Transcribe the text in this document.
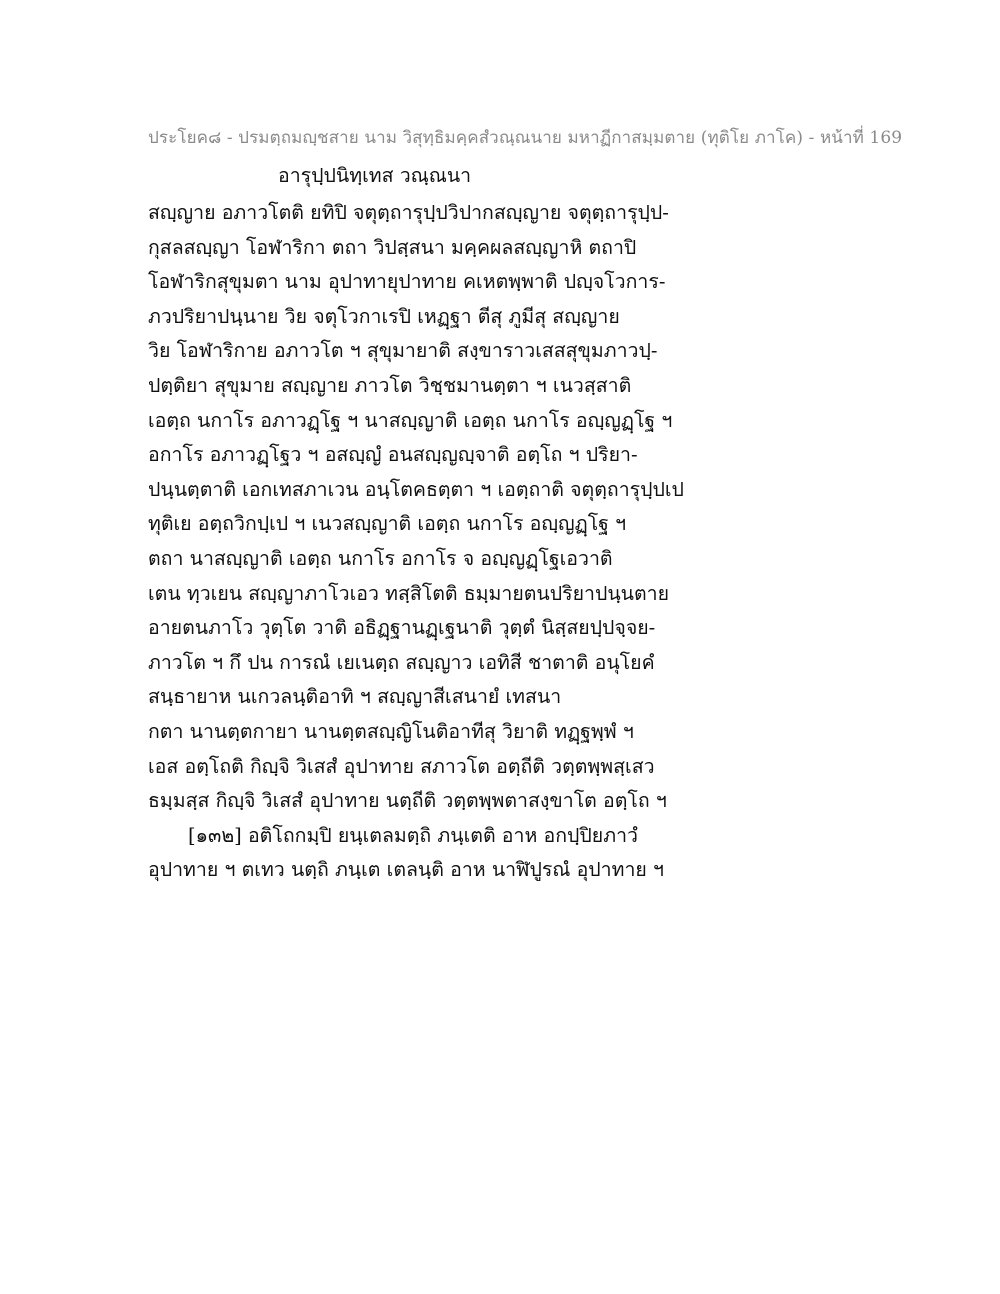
ประโยค๘ - ปรมตฺถมญฺชสาย นาม วิสุทฺธิมคฺคสํวณฺณนาย มหาฏีกาสมฺมตาย (ทุติโย ภาโค) - หน้าที่ 169
อารุปฺปนิทฺเทส วณฺณนา
สญฺญาย อภาวโตติ ยทิปิ จตุตฺถารุปฺปวิปากสญฺญาย จตุตฺถารุปฺป-
กุสลสญฺญา โอฬาริกา ตถา วิปสฺสนา มคฺคผลสญฺญาหิ ตถาปิ
โอฬาริกสุขุมตา นาม อุปาทายุปาทาย คเหตพฺพาติ ปญฺจโวการ-
ภวปริยาปนฺนาย วิย จตุโวกาเรปิ เหฏฺฐา ตีสุ ภูมีสุ สญฺญาย
วิย โอฬาริกาย อภาวโต ฯ สุขุมายาติ สงฺขาราวเสสสุขุมภาวปฺ-
ปตฺติยา สุขุมาย สญฺญาย ภาวโต วิชฺชมานตฺตา ฯ เนวสฺสาติ
เอตฺถ นกาโร อภาวฏฺโฐ ฯ นาสญฺญาติ เอตฺถ นกาโร อญฺญฏฺโฐ ฯ
อกาโร อภาวฏฺโฐว ฯ อสญฺญํ อนสญฺญญฺจาติ อตฺโถ ฯ ปริยา-
ปนฺนตฺตาติ เอกเทสภาเวน อนฺโตคธตฺตา ฯ เอตฺถาติ จตุตฺถารุปฺปเป
ทุติเย อตฺถวิกปฺเป ฯ เนวสญฺญาติ เอตฺถ นกาโร อญฺญฏฺโฐ ฯ
ตถา นาสญฺญาติ เอตฺถ นกาโร อกาโร จ อญฺญฏฺโฐเอวาติ
เตน ทฺวเยน สญฺญาภาโวเอว ทสฺสิโตติ ธมฺมายตนปริยาปนฺนตาย
อายตนภาโว วุตฺโต วาติ อธิฏฺฐานฏฺเฐนาติ วุตฺตํ นิสฺสยปฺปจฺจย-
ภาวโต ฯ กึ ปน การณํ เยเนตฺถ สญฺญาว เอทิสี ชาตาติ อนุโยคํ
สนฺธายาห นเกวลนฺติอาทิ ฯ สญฺญาสีเสนายํ เทสนา
กตา นานตฺตกายา นานตฺตสญฺญิโนติอาทีสุ วิยาติ ทฏฺฐพฺพํ ฯ
เอส อตฺโถติ กิญฺจิ วิเสสํ อุปาทาย สภาวโต อตฺถีติ วตฺตพฺพสฺเสว
ธมฺมสฺส กิญฺจิ วิเสสํ อุปาทาย นตฺถีติ วตฺตพฺพตาสงฺขาโต อตฺโถ ฯ
[๑๓๒] อติโถกมฺปิ ยนฺเตลมตฺถิ ภนฺเตติ อาห อกปฺปิยภาวํ
อุปาทาย ฯ ตเทว นตฺถิ ภนฺเต เตลนฺติ อาห นาฬิปูรณํ อุปาทาย ฯ
